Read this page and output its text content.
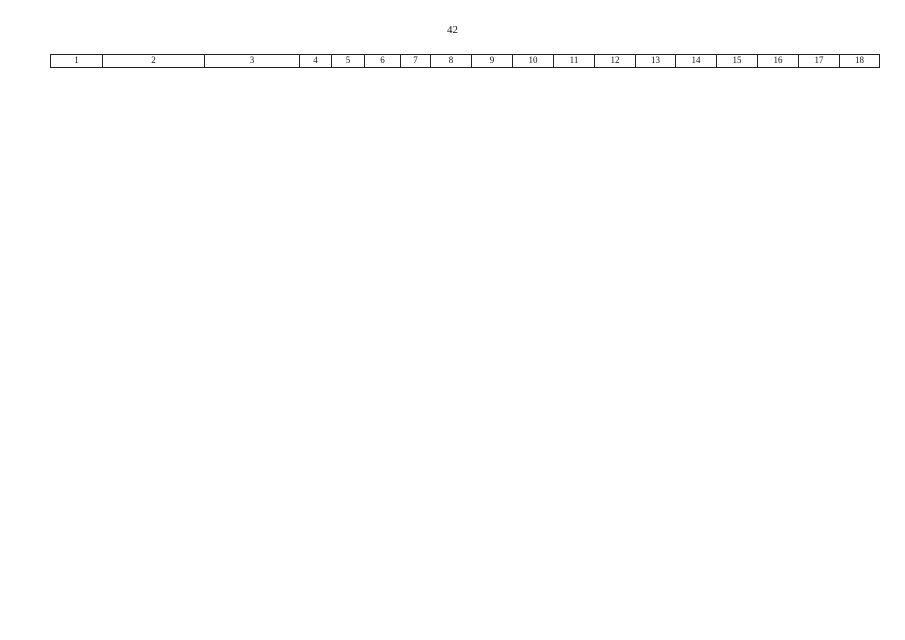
42
1	2	3	4	5	6	7	8	9	10	11	12	13	14	15	16	17	18
